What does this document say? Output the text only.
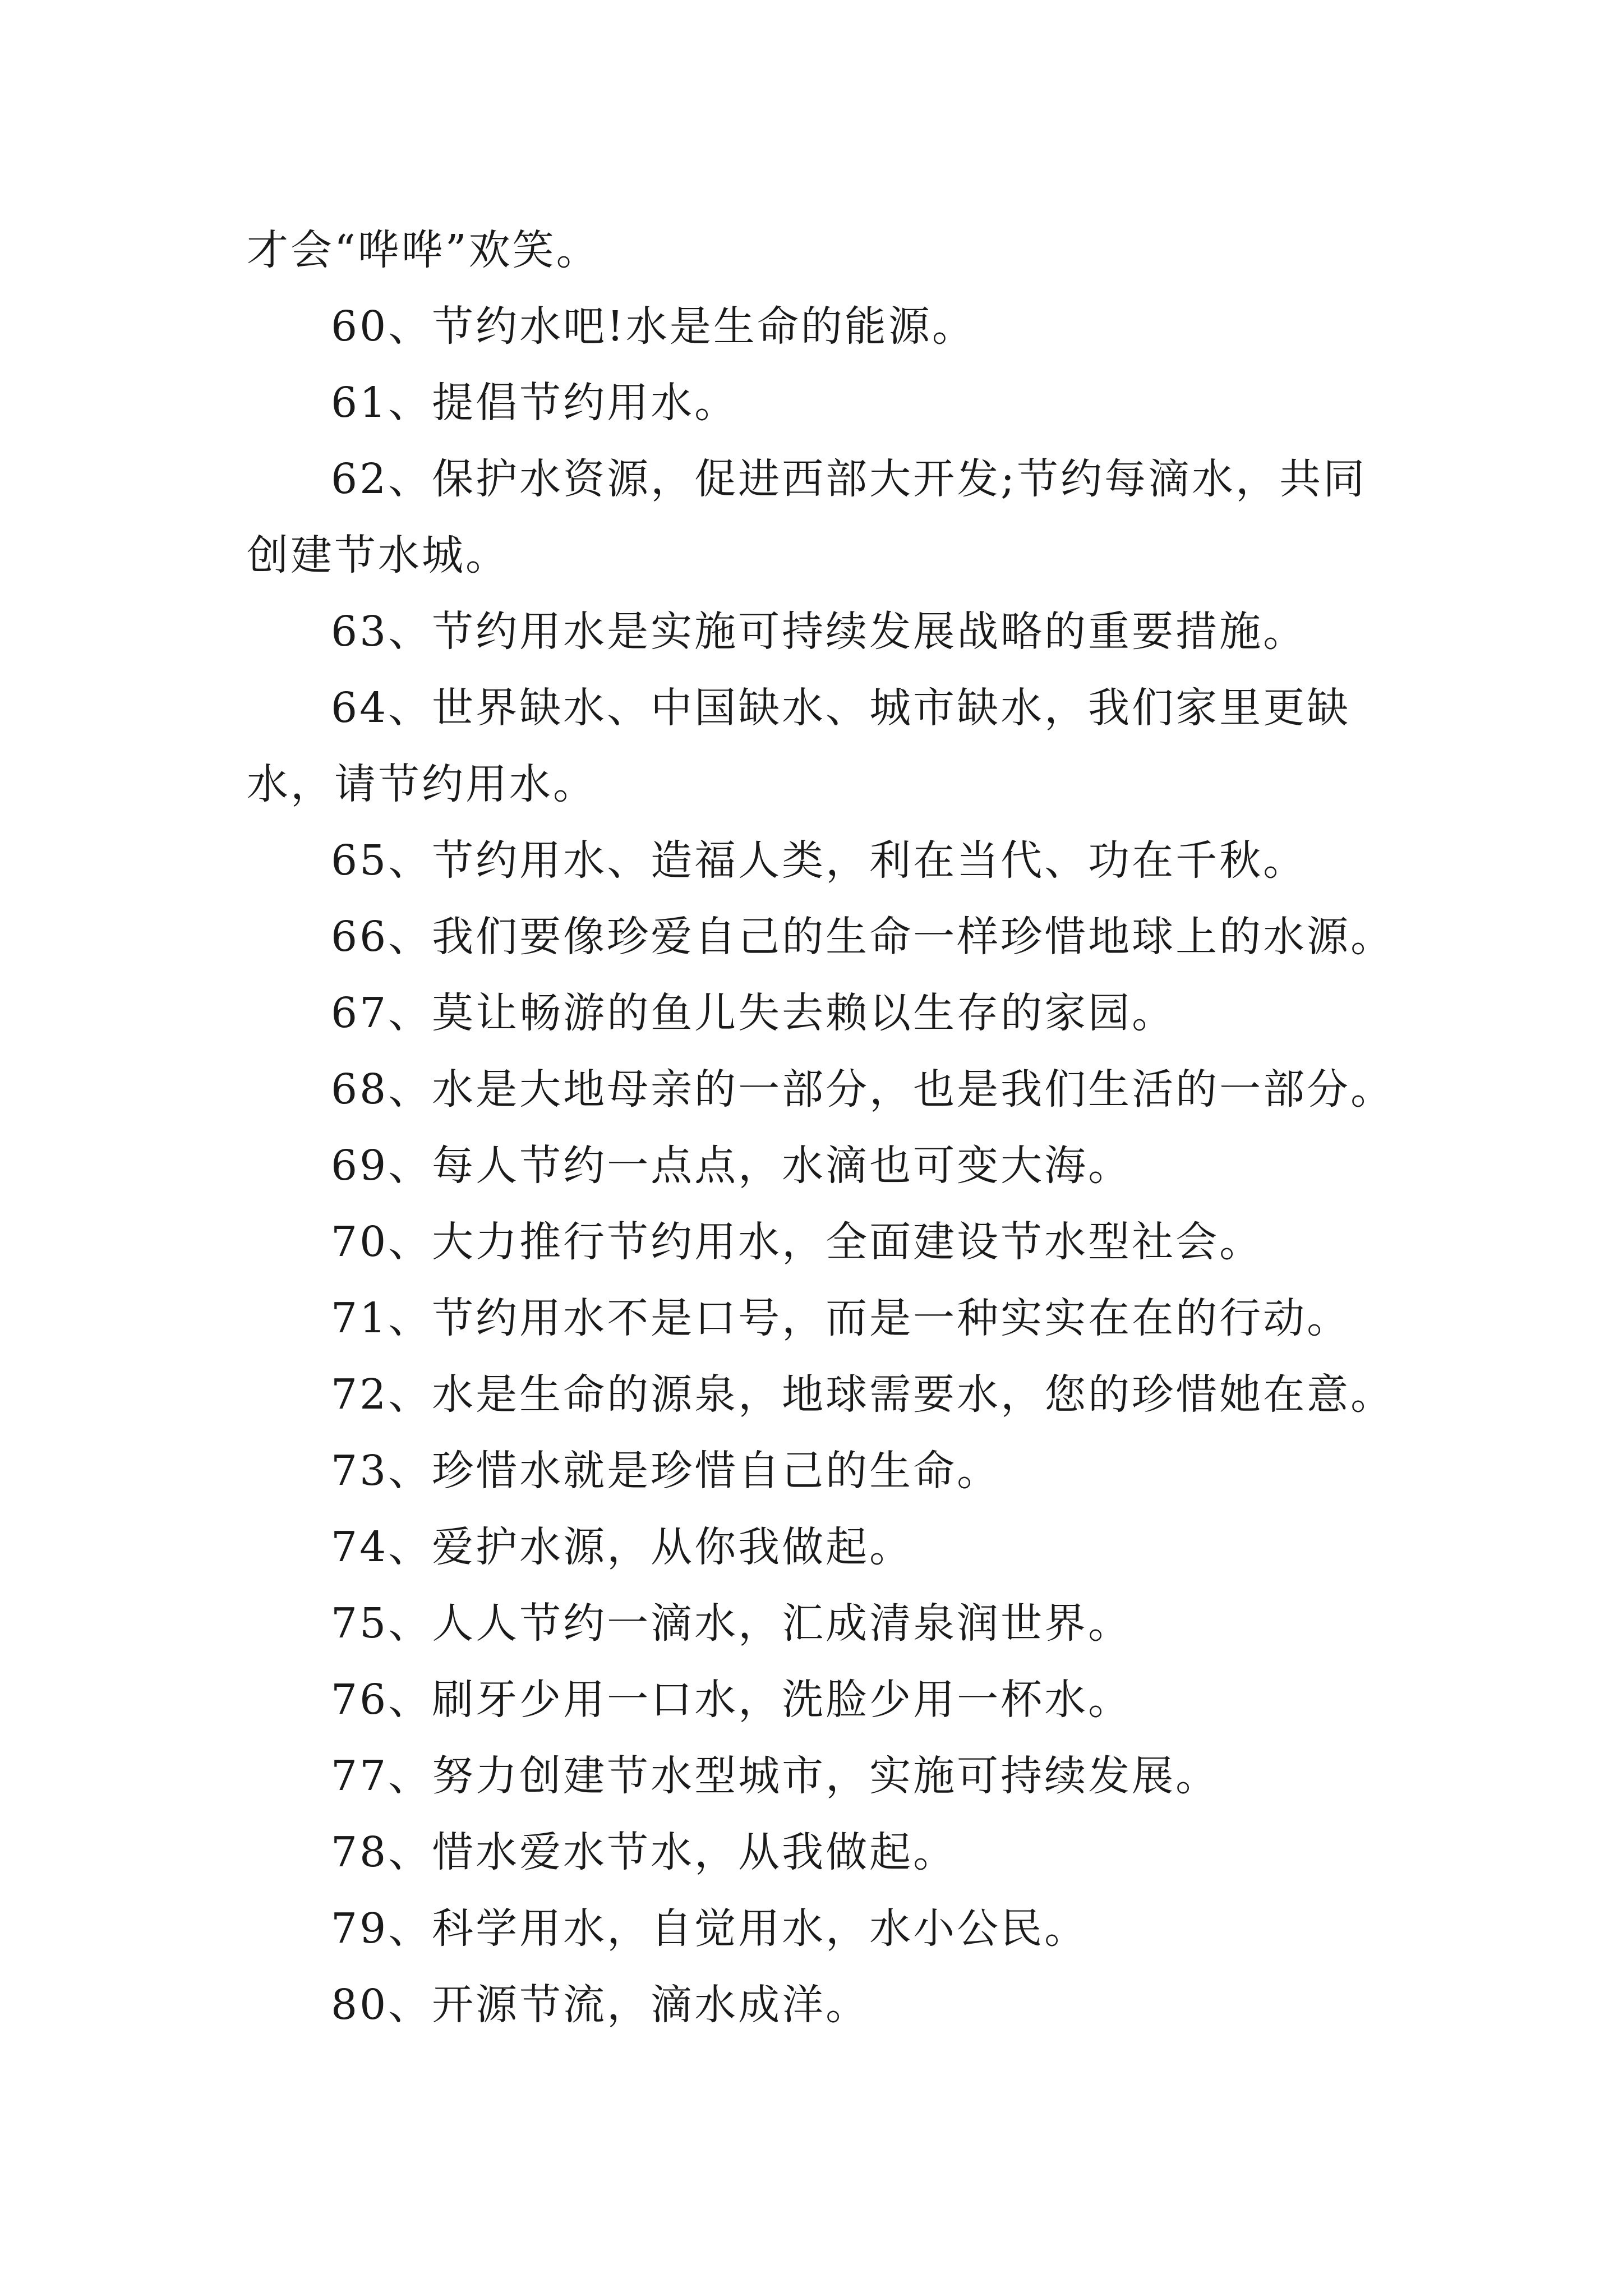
才会“哗哗”欢笑。

60、节约水吧!水是生命的能源。

61、提倡节约用水。

62、保护水资源，促进西部大开发;节约每滴水，共同创建节水城。

63、节约用水是实施可持续发展战略的重要措施。

64、世界缺水、中国缺水、城市缺水，我们家里更缺水，请节约用水。

65、节约用水、造福人类，利在当代、功在千秋。

66、我们要像珍爱自己的生命一样珍惜地球上的水源。

67、莫让畅游的鱼儿失去赖以生存的家园。

68、水是大地母亲的一部分，也是我们生活的一部分。

69、每人节约一点点，水滴也可变大海。

70、大力推行节约用水，全面建设节水型社会。

71、节约用水不是口号，而是一种实实在在的行动。

72、水是生命的源泉，地球需要水，您的珍惜她在意。

73、珍惜水就是珍惜自己的生命。

74、爱护水源，从你我做起。

75、人人节约一滴水，汇成清泉润世界。

76、刷牙少用一口水，洗脸少用一杯水。

77、努力创建节水型城市，实施可持续发展。

78、惜水爱水节水，从我做起。

79、科学用水，自觉用水，水小公民。

80、开源节流，滴水成洋。
